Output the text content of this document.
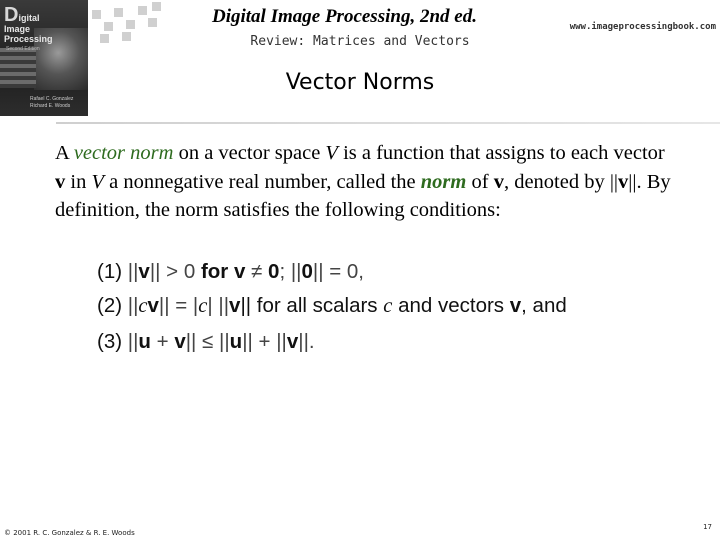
Digital
Image
Processing
Second Edition
Rafael C. Gonzalez
Richard E. Woods
Digital Image Processing, 2nd ed.	www.imageprocessingbook.com
Review: Matrices and Vectors
Vector Norms
A vector norm on a vector space V is a function that assigns to each vector v in V a nonnegative real number, called the norm of v, denoted by ||v||. By definition, the norm satisfies the following conditions:
(1) ||v|| > 0 for v ≠ 0; ||0|| = 0,
(2) ||cv|| = |c| ||v|| for all scalars c and vectors v, and
(3) ||u + v|| ≤ ||u|| + ||v||.
© 2001 R. C. Gonzalez & R. E. Woods
17
